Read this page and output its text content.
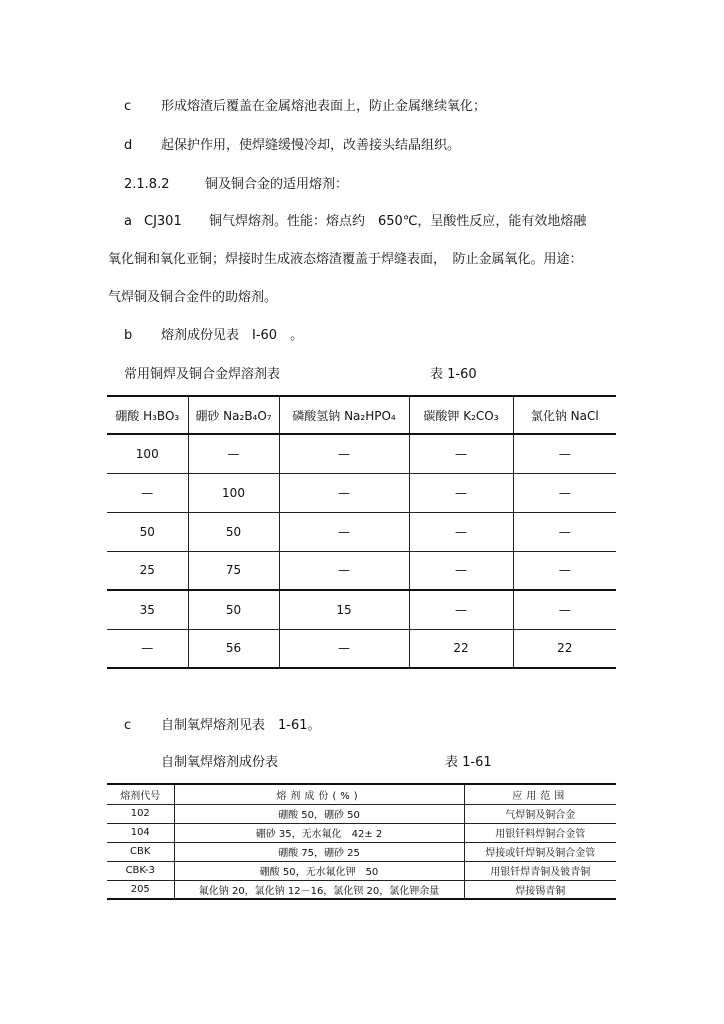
c 形成熔渣后覆盖在金属熔池表面上，防止金属继续氧化；
d 起保护作用，使焊缝缓慢冷却，改善接头结晶组织。
2.1.8.2	铜及铜合金的适用熔剂：
a CJ301 铜气焊熔剂。性能：熔点约　650℃，呈酸性反应，能有效地熔融
氧化铜和氧化亚铜；焊接时生成液态熔渣覆盖于焊缝表面，　防止金属氧化。用途：
气焊铜及铜合金件的助熔剂。
b 熔剂成份见表　I-60　。
常用铜焊及铜合金焊溶剂表	表 1-60
硼酸 H₃BO₃	硼砂 Na₂B₄O₇	磷酸氢钠 Na₂HPO₄	碳酸钾 K₂CO₃	氯化钠 NaCl
100	—	—	—	—
—	100	—	—	—
50	50	—	—	—
25	75	—	—	—
35	50	15	—	—
—	56	—	22	22
c 自制氧焊熔剂见表　1-61。
自制氧焊熔剂成份表	表 1-61
熔剂代号	熔剂成份(%)	应用范围
102	硼酸 50，硼砂 50	气焊铜及铜合金
104	硼砂 35，无水氟化　42± 2	用银钎料焊铜合金管
CBK	硼酸 75，硼砂 25	焊接或钎焊铜及铜合金管
CBK-3	硼酸 50，无水氟化钾　50	用银钎焊青铜及铍青铜
205	氟化钠 20，氯化钠 12－16，氯化钡 20，氯化钾余量	焊接锡青铜
